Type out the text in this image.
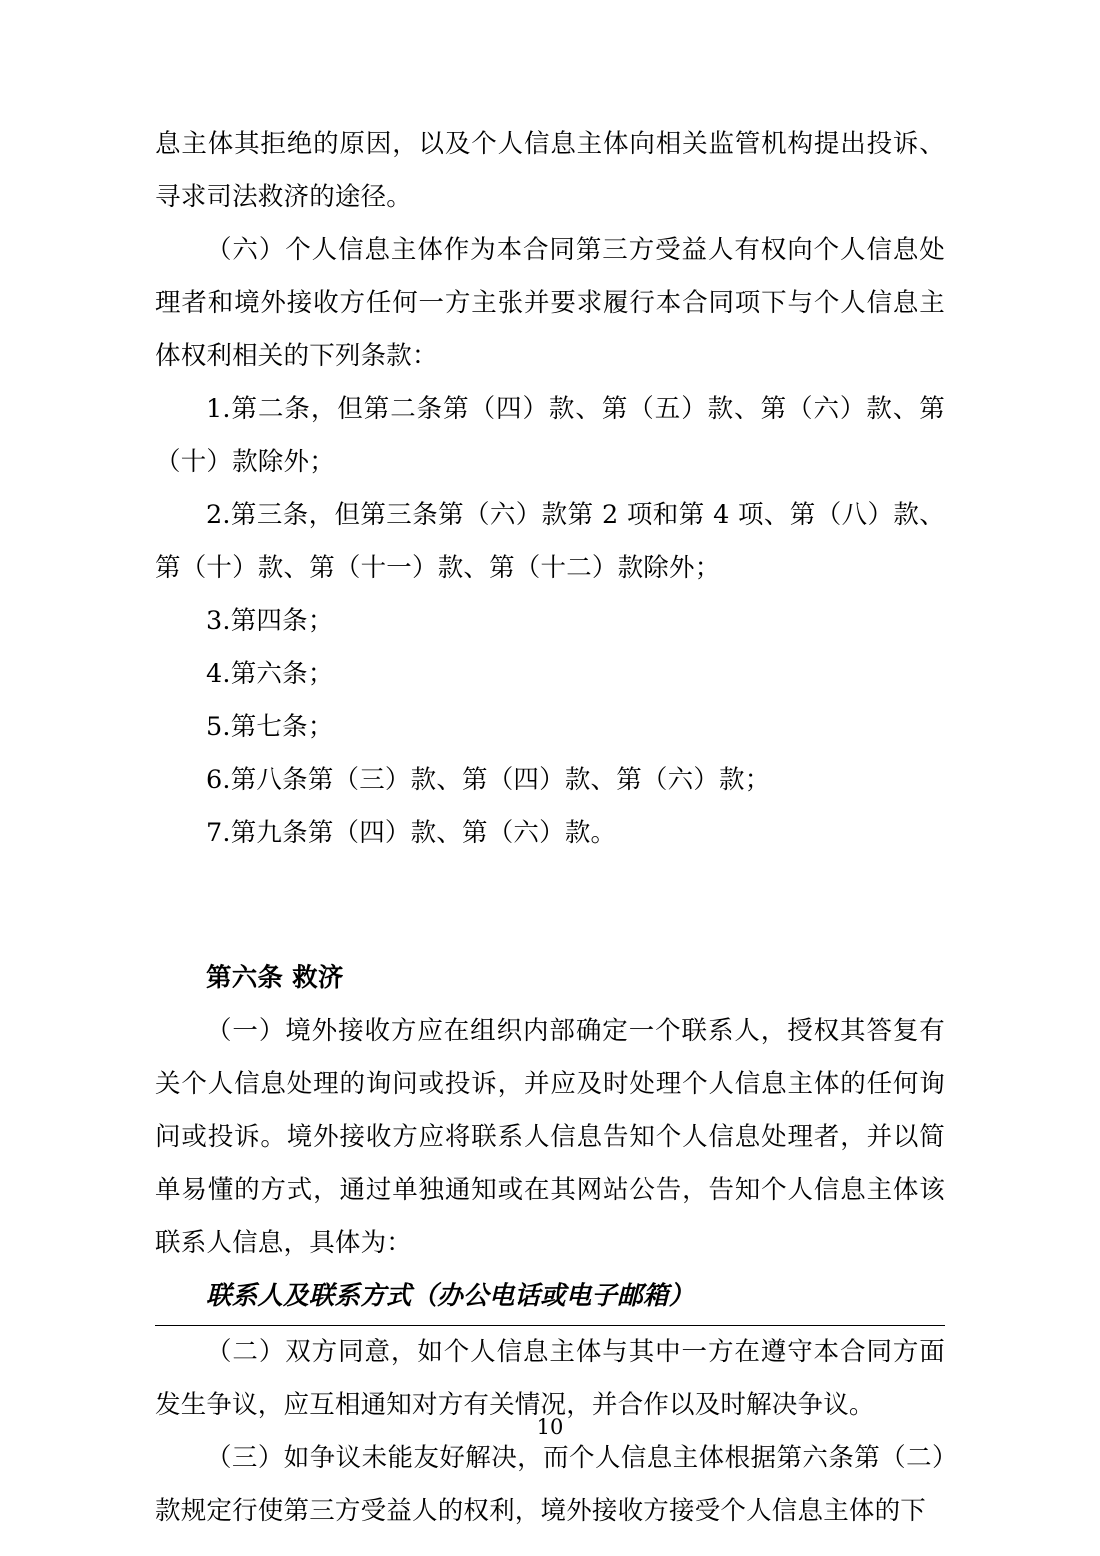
息主体其拒绝的原因，以及个人信息主体向相关监管机构提出投诉、寻求司法救济的途径。

（六）个人信息主体作为本合同第三方受益人有权向个人信息处理者和境外接收方任何一方主张并要求履行本合同项下与个人信息主体权利相关的下列条款：

1.第二条，但第二条第（四）款、第（五）款、第（六）款、第（十）款除外；

2.第三条，但第三条第（六）款第 2 项和第 4 项、第（八）款、第（十）款、第（十一）款、第（十二）款除外；

3.第四条；

4.第六条；

5.第七条；

6.第八条第（三）款、第（四）款、第（六）款；

7.第九条第（四）款、第（六）款。

第六条 救济

（一）境外接收方应在组织内部确定一个联系人，授权其答复有关个人信息处理的询问或投诉，并应及时处理个人信息主体的任何询问或投诉。境外接收方应将联系人信息告知个人信息处理者，并以简单易懂的方式，通过单独通知或在其网站公告，告知个人信息主体该联系人信息，具体为：

联系人及联系方式（办公电话或电子邮箱）

（二）双方同意，如个人信息主体与其中一方在遵守本合同方面发生争议，应互相通知对方有关情况，并合作以及时解决争议。

（三）如争议未能友好解决，而个人信息主体根据第六条第（二）款规定行使第三方受益人的权利，境外接收方接受个人信息主体的下

10
